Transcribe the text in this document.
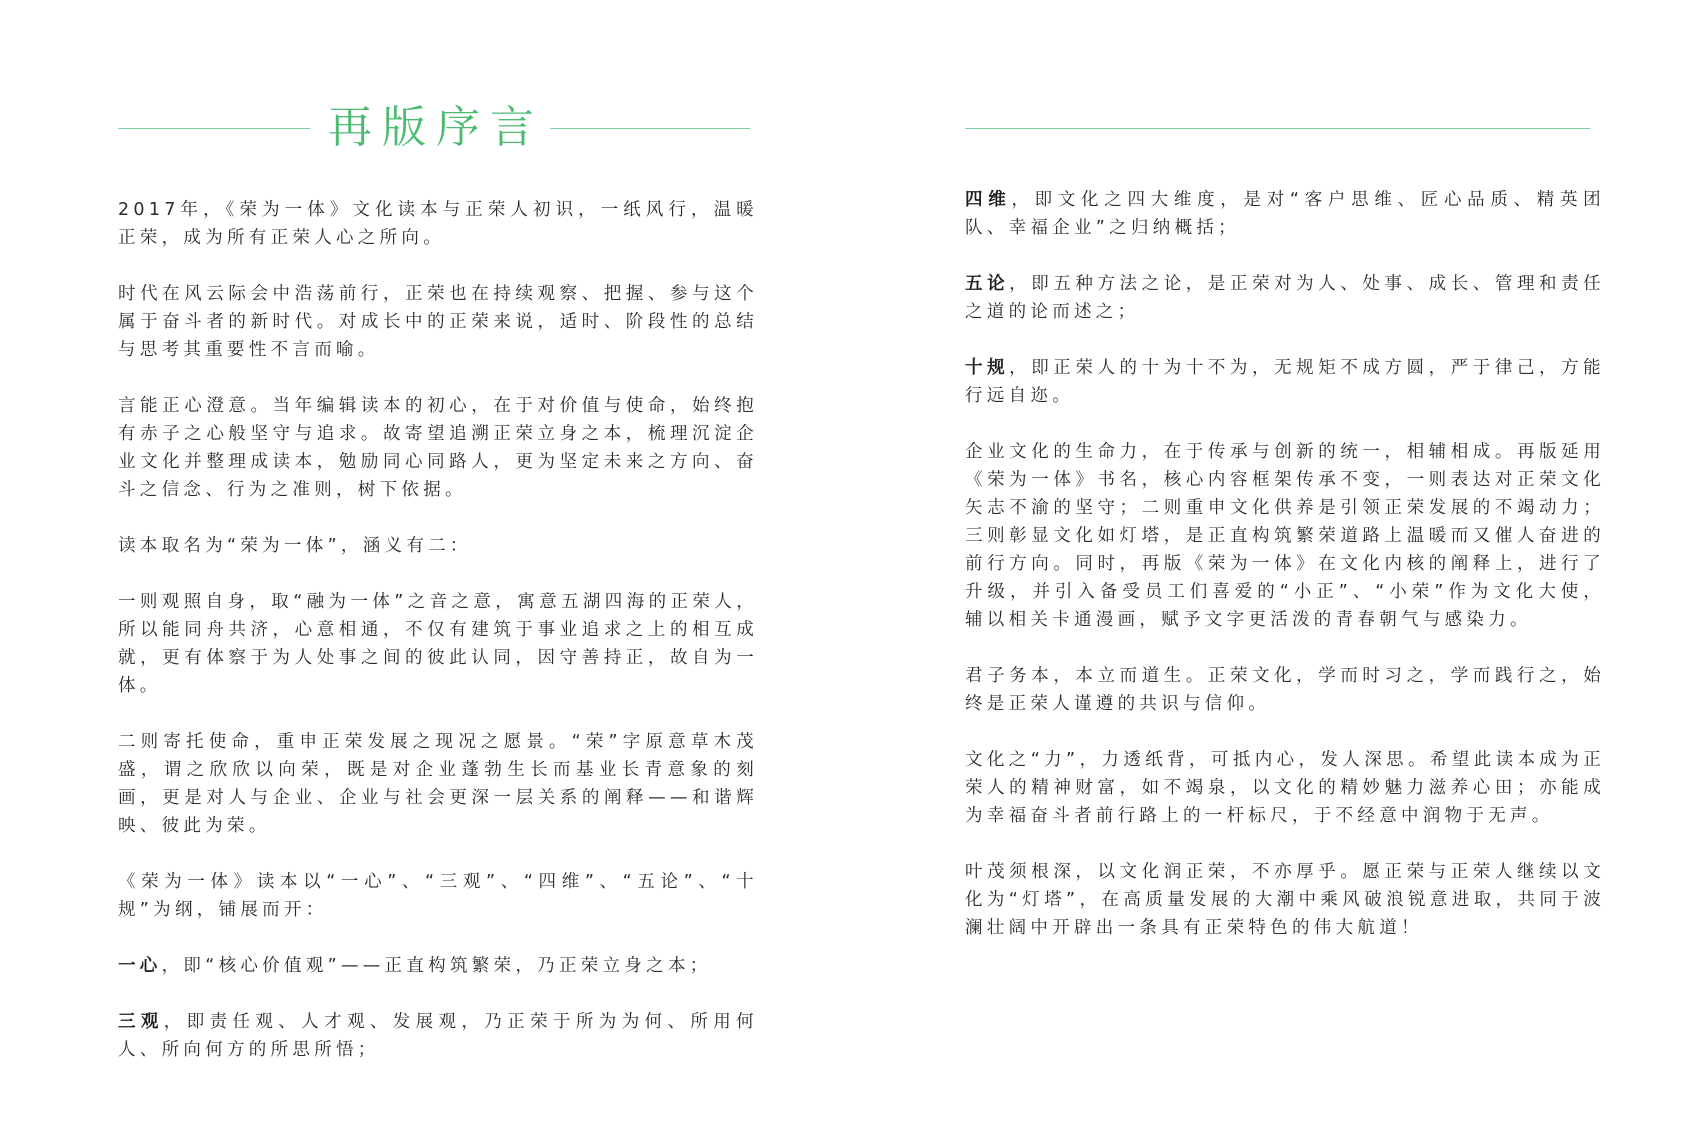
再版序言

2017年，《荣为一体》文化读本与正荣人初识，一纸风行，温暖正荣，成为所有正荣人心之所向。

时代在风云际会中浩荡前行，正荣也在持续观察、把握、参与这个属于奋斗者的新时代。对成长中的正荣来说，适时、阶段性的总结与思考其重要性不言而喻。

言能正心澄意。当年编辑读本的初心，在于对价值与使命，始终抱有赤子之心般坚守与追求。故寄望追溯正荣立身之本，梳理沉淀企业文化并整理成读本，勉励同心同路人，更为坚定未来之方向、奋斗之信念、行为之准则，树下依据。

读本取名为“荣为一体”，涵义有二：

一则观照自身，取“融为一体”之音之意，寓意五湖四海的正荣人，所以能同舟共济，心意相通，不仅有建筑于事业追求之上的相互成就，更有体察于为人处事之间的彼此认同，因守善持正，故自为一体。

二则寄托使命，重申正荣发展之现况之愿景。“荣”字原意草木茂盛，谓之欣欣以向荣，既是对企业蓬勃生长而基业长青意象的刻画，更是对人与企业、企业与社会更深一层关系的阐释——和谐辉映、彼此为荣。

《荣为一体》读本以“一心”、“三观”、“四维”、“五论”、“十规”为纲，铺展而开：

一心，即“核心价值观”——正直构筑繁荣，乃正荣立身之本；

三观，即责任观、人才观、发展观，乃正荣于所为为何、所用何人、所向何方的所思所悟；

四维，即文化之四大维度，是对“客户思维、匠心品质、精英团队、幸福企业”之归纳概括；

五论，即五种方法之论，是正荣对为人、处事、成长、管理和责任之道的论而述之；

十规，即正荣人的十为十不为，无规矩不成方圆，严于律己，方能行远自迩。

企业文化的生命力，在于传承与创新的统一，相辅相成。再版延用《荣为一体》书名，核心内容框架传承不变，一则表达对正荣文化矢志不渝的坚守；二则重申文化供养是引领正荣发展的不竭动力；三则彰显文化如灯塔，是正直构筑繁荣道路上温暖而又催人奋进的前行方向。同时，再版《荣为一体》在文化内核的阐释上，进行了升级，并引入备受员工们喜爱的“小正”、“小荣”作为文化大使，辅以相关卡通漫画，赋予文字更活泼的青春朝气与感染力。

君子务本，本立而道生。正荣文化，学而时习之，学而践行之，始终是正荣人谨遵的共识与信仰。

文化之“力”，力透纸背，可抵内心，发人深思。希望此读本成为正荣人的精神财富，如不竭泉，以文化的精妙魅力滋养心田；亦能成为幸福奋斗者前行路上的一杆标尺，于不经意中润物于无声。

叶茂须根深，以文化润正荣，不亦厚乎。愿正荣与正荣人继续以文化为“灯塔”，在高质量发展的大潮中乘风破浪锐意进取，共同于波澜壮阔中开辟出一条具有正荣特色的伟大航道！
